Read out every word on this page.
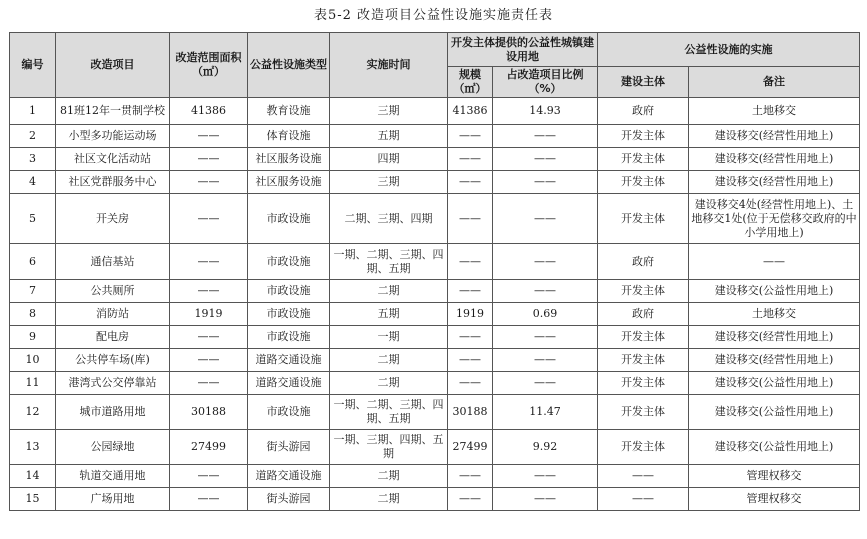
表5-2 改造项目公益性设施实施责任表
编号	改造项目	改造范围面积（㎡）	公益性设施类型	实施时间	开发主体提供的公益性城镇建设用地		公益性设施的实施	
					规模（㎡）	占改造项目比例（%）	建设主体	备注
1	81班12年一贯制学校	41386	教育设施	三期	41386	14.93	政府	土地移交
2	小型多功能运动场	——	体育设施	五期	——	——	开发主体	建设移交(经营性用地上)
3	社区文化活动站	——	社区服务设施	四期	——	——	开发主体	建设移交(经营性用地上)
4	社区党群服务中心	——	社区服务设施	三期	——	——	开发主体	建设移交(经营性用地上)
5	开关房	——	市政设施	二期、三期、四期	——	——	开发主体	建设移交4处(经营性用地上)、土地移交1处(位于无偿移交政府的中小学用地上)
6	通信基站	——	市政设施	一期、二期、三期、四期、五期	——	——	政府	——
7	公共厕所	——	市政设施	二期	——	——	开发主体	建设移交(公益性用地上)
8	消防站	1919	市政设施	五期	1919	0.69	政府	土地移交
9	配电房	——	市政设施	一期	——	——	开发主体	建设移交(经营性用地上)
10	公共停车场(库)	——	道路交通设施	二期	——	——	开发主体	建设移交(经营性用地上)
11	港湾式公交停靠站	——	道路交通设施	二期	——	——	开发主体	建设移交(公益性用地上)
12	城市道路用地	30188	市政设施	一期、二期、三期、四期、五期	30188	11.47	开发主体	建设移交(公益性用地上)
13	公园绿地	27499	街头游园	一期、三期、四期、五期	27499	9.92	开发主体	建设移交(公益性用地上)
14	轨道交通用地	——	道路交通设施	二期	——	——	——	管理权移交
15	广场用地	——	街头游园	二期	——	——	——	管理权移交
